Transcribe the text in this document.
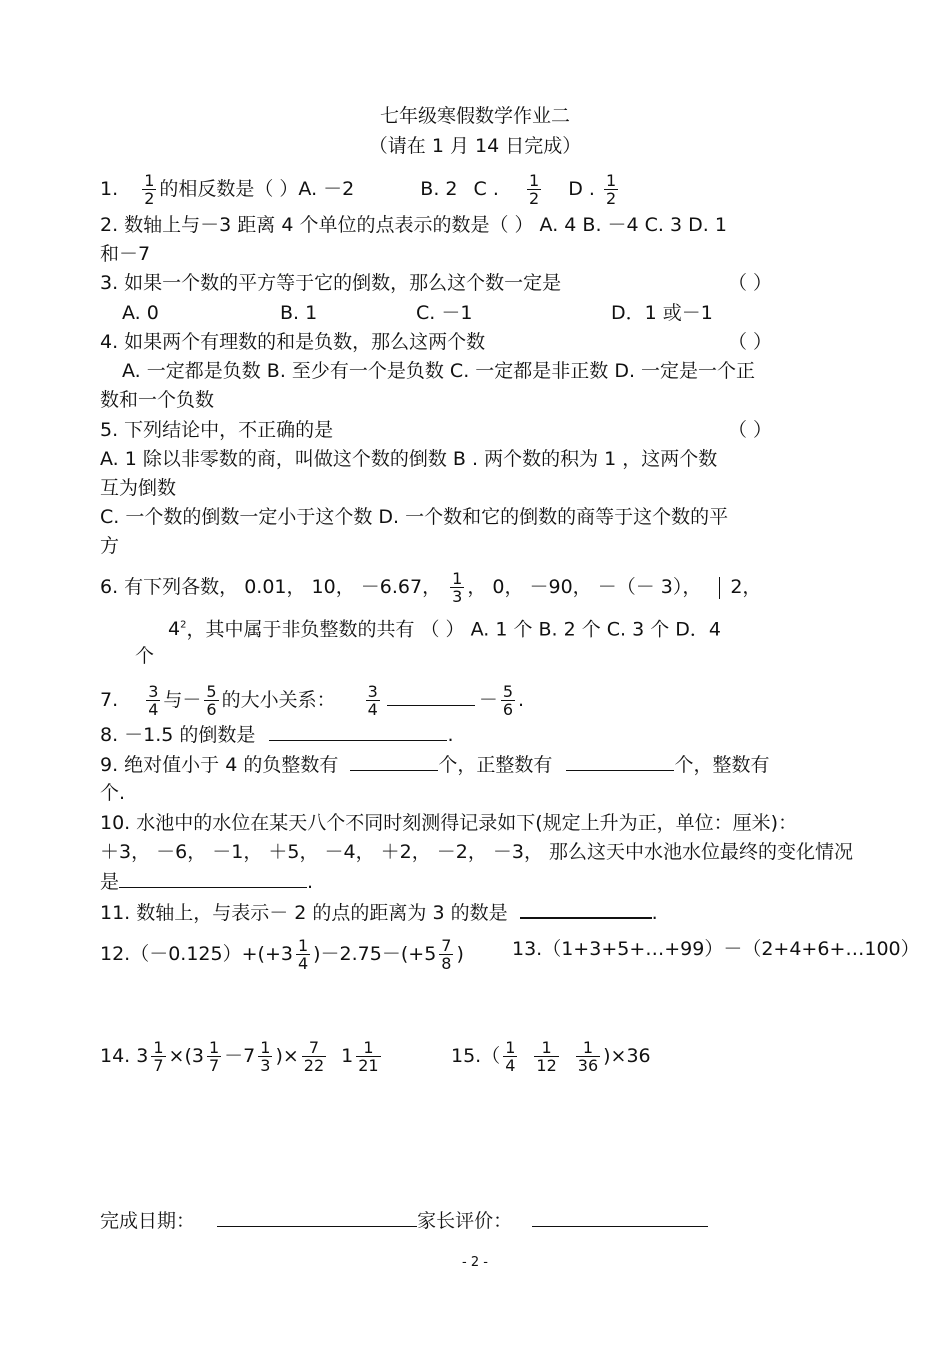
七年级寒假数学作业二
（请在 1 月 14 日完成）
1. $\frac{1}{2}$ 的相反数是（ ）A. －2	B. 2 C . $\frac{1}{2}$ D . $\frac{1}{2}$
2. 数轴上与－3 距离 4 个单位的点表示的数是（ ） A. 4 B. －4 C. 3 D. 1
和－7
3. 如果一个数的平方等于它的倒数，那么这个数一定是	（ ）
A. 0	B. 1	C. －1	D．1 或－1
4. 如果两个有理数的和是负数，那么这两个数	（ ）
A. 一定都是负数 B. 至少有一个是负数 C. 一定都是非正数 D. 一定是一个正
数和一个负数
5. 下列结论中，不正确的是	（ ）
A. 1 除以非零数的商，叫做这个数的倒数 B . 两个数的积为 1 ，这两个数
互为倒数
C. 一个数的倒数一定小于这个数 D. 一个数和它的倒数的商等于这个数的平
方
6. 有下列各数， 0.01， 10， －6.67， $\frac{1}{3}$ ， 0， －90， －（－ 3）， 2，
$4^2$，其中属于非负整数的共有 （ ） A. 1 个 B. 2 个 C. 3 个 D．4
个
7. $\frac{3}{4}$ 与－ $\frac{5}{6}$ 的大小关系： $\frac{3}{4}$	－ $\frac{5}{6}$ .
8. －1.5 的倒数是	.
9. 绝对值小于 4 的负整数有	个，正整数有	个，整数有
个.
10. 水池中的水位在某天八个不同时刻测得记录如下(规定上升为正，单位：厘米)：
＋3， －6， －1， ＋5， －4， ＋2， －2， －3， 那么这天中水池水位最终的变化情况
是	.
11. 数轴上，与表示－ 2 的点的距离为 3 的数是	.
$12.(-0.125)+(+3 \frac{1}{4} )-2.75-(+5 \frac{7}{8}$ )	13.（1+3+5+…+99）－（2+4+6+…100）
14. $3 \frac{1}{7} \times(3 \frac{1}{7} -7 \frac{1}{3}$ )× $\frac{7}{22} 1 \frac{1}{21}$	$15.( \frac{1}{4} \frac{1}{12} \frac{1}{36} )\times 36$
完成日期：	家长评价：
- 2 -
